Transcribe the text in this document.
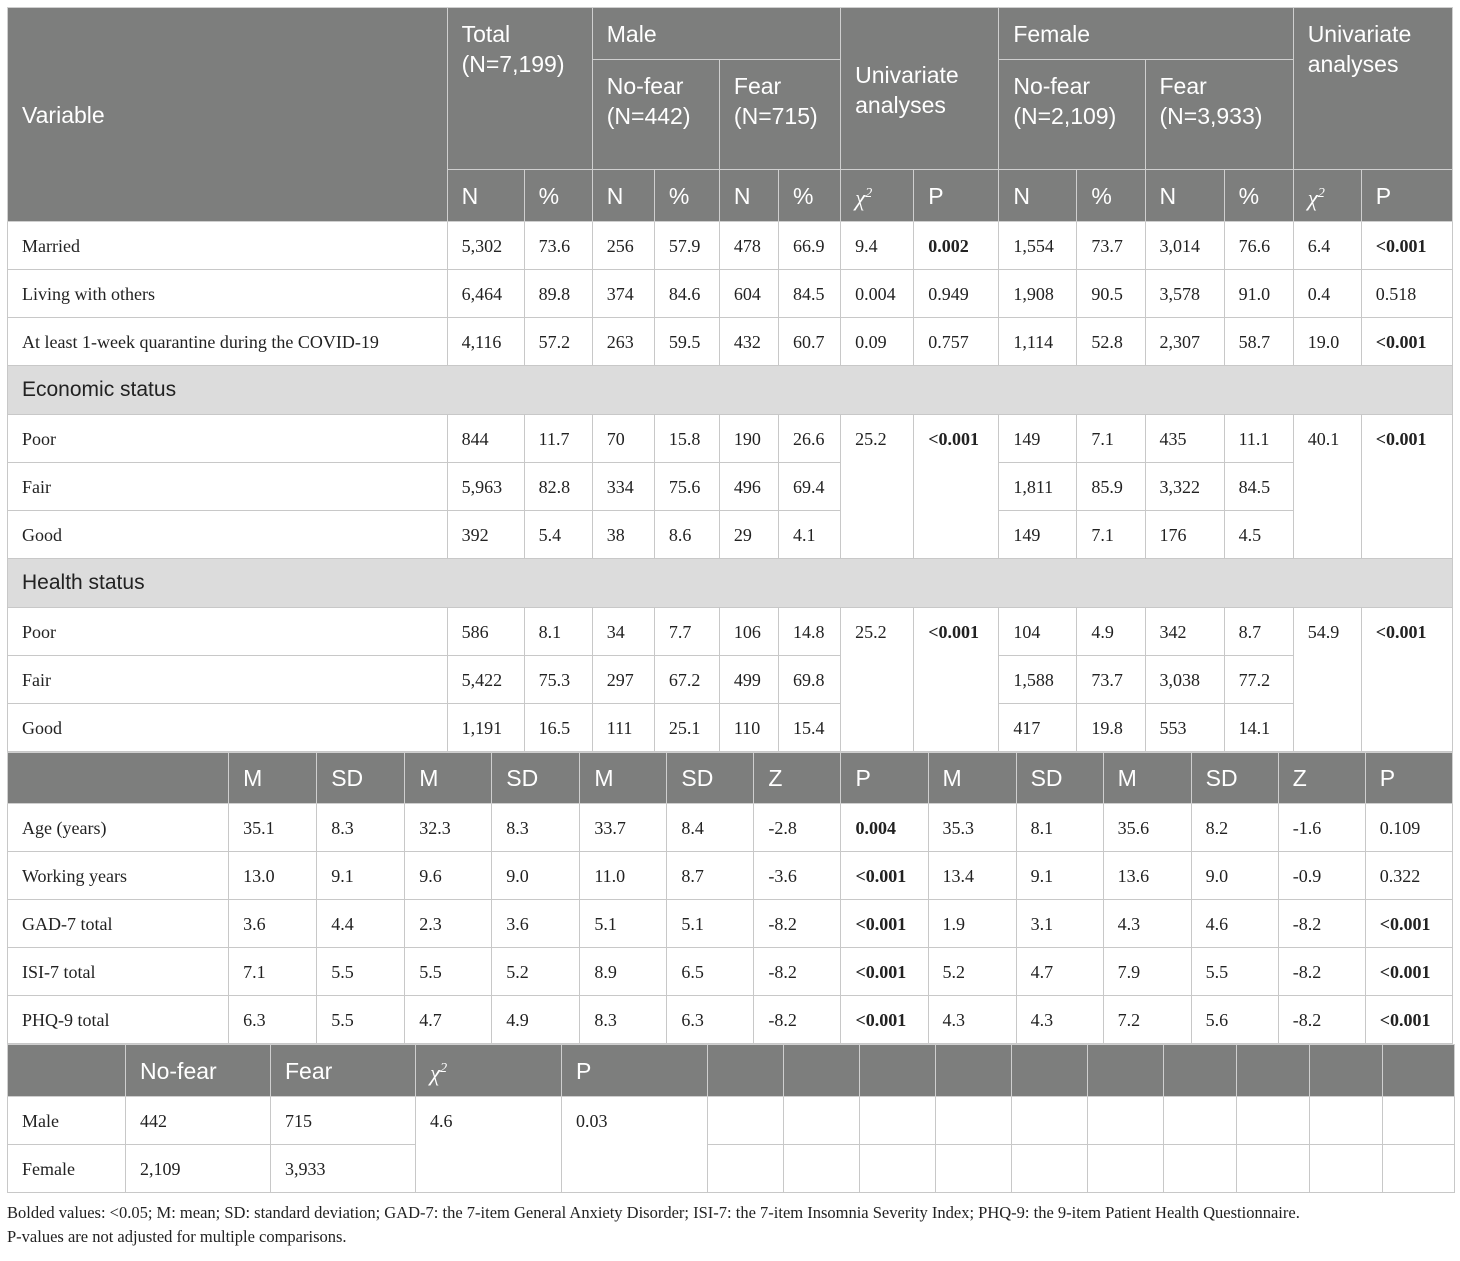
Variable	Total (N=7,199)		Male				Univariate analyses		Female				Univariate analyses	
			No-fear (N=442)		Fear (N=715)				No-fear (N=2,109)		Fear (N=3,933)			
	N	%	N	%	N	%	$\chi^2$	P	N	%	N	%	$\chi^2$	P
Married	5,302	73.6	256	57.9	478	66.9	9.4	0.002	1,554	73.7	3,014	76.6	6.4	<0.001
Living with others	6,464	89.8	374	84.6	604	84.5	0.004	0.949	1,908	90.5	3,578	91.0	0.4	0.518
At least 1-week quarantine during the COVID-19	4,116	57.2	263	59.5	432	60.7	0.09	0.757	1,114	52.8	2,307	58.7	19.0	<0.001
Economic status														
Poor	844	11.7	70	15.8	190	26.6	25.2	<0.001	149	7.1	435	11.1	40.1	<0.001
Fair	5,963	82.8	334	75.6	496	69.4			1,811	85.9	3,322	84.5		
Good	392	5.4	38	8.6	29	4.1			149	7.1	176	4.5		
Health status														
Poor	586	8.1	34	7.7	106	14.8	25.2	<0.001	104	4.9	342	8.7	54.9	<0.001
Fair	5,422	75.3	297	67.2	499	69.8			1,588	73.7	3,038	77.2		
Good	1,191	16.5	111	25.1	110	15.4			417	19.8	553	14.1		
	M	SD	M	SD	M	SD	Z	P	M	SD	M	SD	Z	P
Age (years)	35.1	8.3	32.3	8.3	33.7	8.4	-2.8	0.004	35.3	8.1	35.6	8.2	-1.6	0.109
Working years	13.0	9.1	9.6	9.0	11.0	8.7	-3.6	<0.001	13.4	9.1	13.6	9.0	-0.9	0.322
GAD-7 total	3.6	4.4	2.3	3.6	5.1	5.1	-8.2	<0.001	1.9	3.1	4.3	4.6	-8.2	<0.001
ISI-7 total	7.1	5.5	5.5	5.2	8.9	6.5	-8.2	<0.001	5.2	4.7	7.9	5.5	-8.2	<0.001
PHQ-9 total	6.3	5.5	4.7	4.9	8.3	6.3	-8.2	<0.001	4.3	4.3	7.2	5.6	-8.2	<0.001
	No-fear	Fear	$\chi^2$	P										
Male	442	715	4.6	0.03										
Female	2,109	3,933												
Bolded values: <0.05; M: mean; SD: standard deviation; GAD-7: the 7-item General Anxiety Disorder; ISI-7: the 7-item Insomnia Severity Index; PHQ-9: the 9-item Patient Health Questionnaire.
P-values are not adjusted for multiple comparisons.
